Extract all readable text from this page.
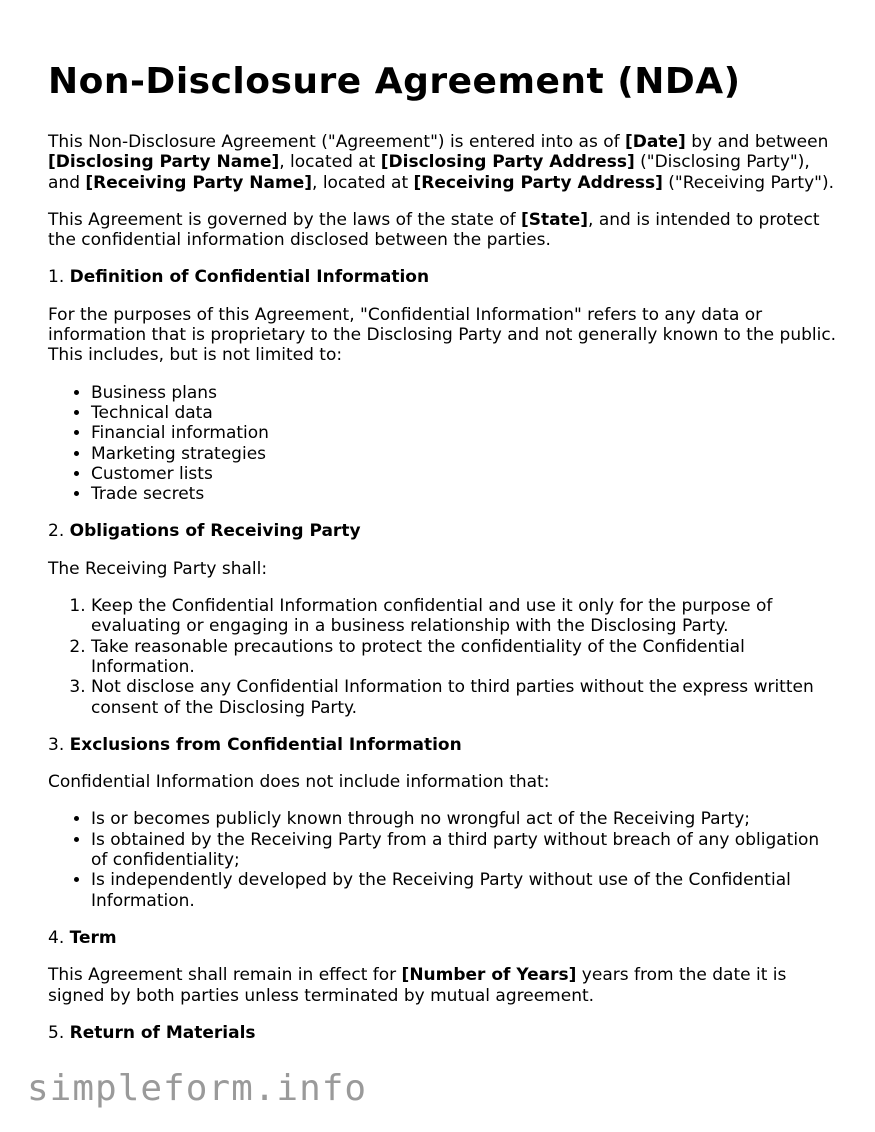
Non-Disclosure Agreement (NDA)

This Non-Disclosure Agreement ("Agreement") is entered into as of [Date] by and between [Disclosing Party Name], located at [Disclosing Party Address] ("Disclosing Party"), and [Receiving Party Name], located at [Receiving Party Address] ("Receiving Party").

This Agreement is governed by the laws of the state of [State], and is intended to protect the confidential information disclosed between the parties.

1. Definition of Confidential Information

For the purposes of this Agreement, "Confidential Information" refers to any data or information that is proprietary to the Disclosing Party and not generally known to the public. This includes, but is not limited to:

• Business plans
• Technical data
• Financial information
• Marketing strategies
• Customer lists
• Trade secrets

2. Obligations of Receiving Party

The Receiving Party shall:

1. Keep the Confidential Information confidential and use it only for the purpose of evaluating or engaging in a business relationship with the Disclosing Party.
2. Take reasonable precautions to protect the confidentiality of the Confidential Information.
3. Not disclose any Confidential Information to third parties without the express written consent of the Disclosing Party.

3. Exclusions from Confidential Information

Confidential Information does not include information that:

• Is or becomes publicly known through no wrongful act of the Receiving Party;
• Is obtained by the Receiving Party from a third party without breach of any obligation of confidentiality;
• Is independently developed by the Receiving Party without use of the Confidential Information.

4. Term

This Agreement shall remain in effect for [Number of Years] years from the date it is signed by both parties unless terminated by mutual agreement.

5. Return of Materials

simpleform.info
